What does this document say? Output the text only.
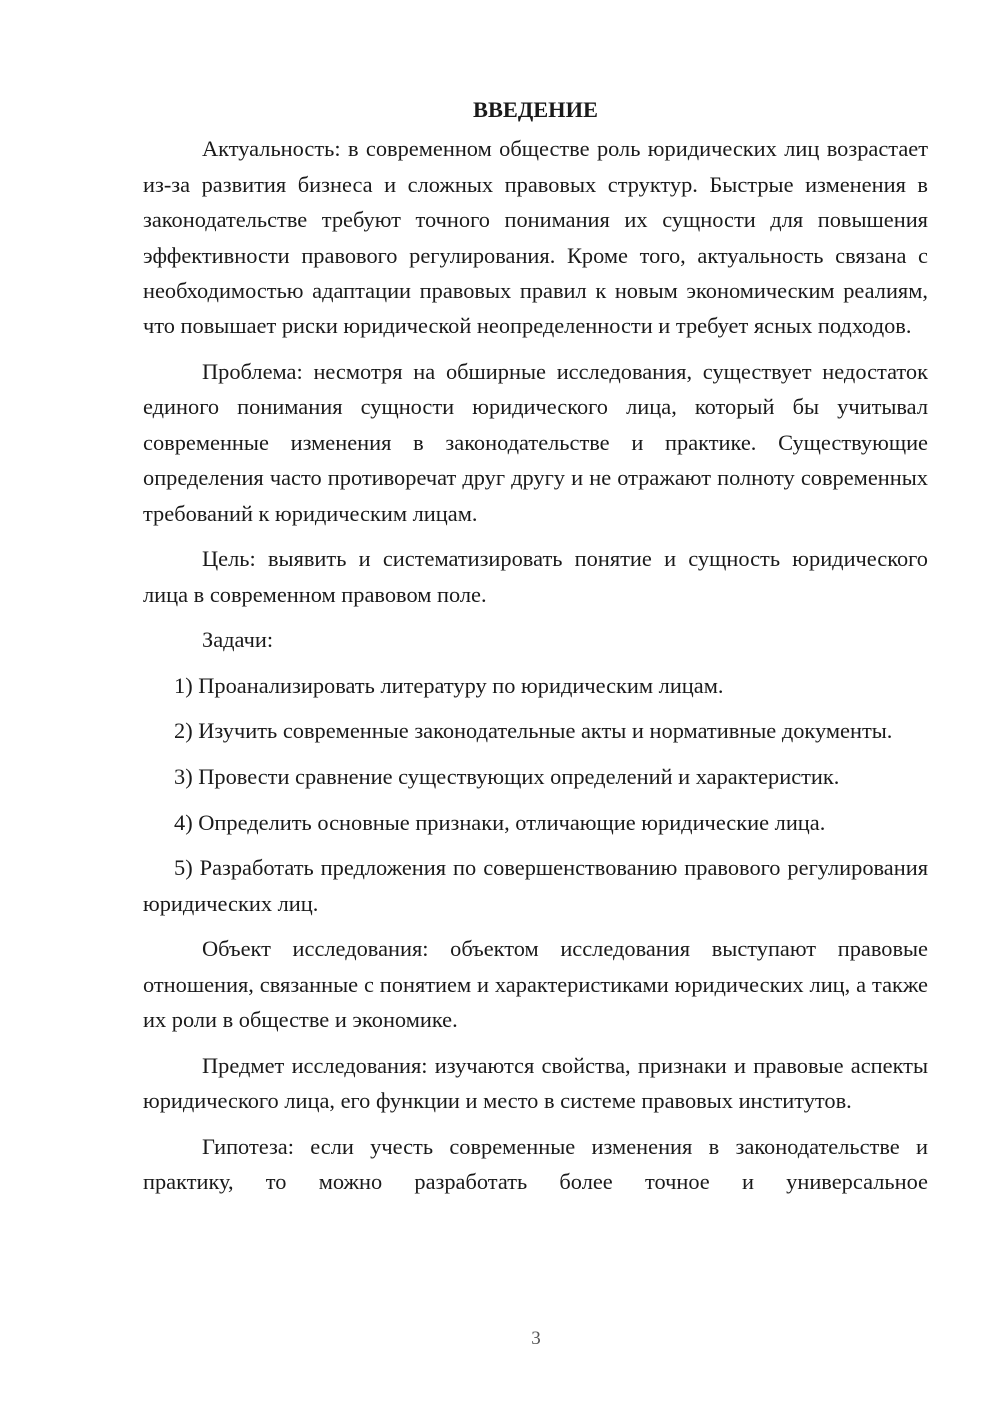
ВВЕДЕНИЕ

Актуальность: в современном обществе роль юридических лиц возрастает из-за развития бизнеса и сложных правовых структур. Быстрые изменения в законодательстве требуют точного понимания их сущности для повышения эффективности правового регулирования. Кроме того, актуальность связана с необходимостью адаптации правовых правил к новым экономическим реалиям, что повышает риски юридической неопределенности и требует ясных подходов.

Проблема: несмотря на обширные исследования, существует недостаток единого понимания сущности юридического лица, который бы учитывал современные изменения в законодательстве и практике. Существующие определения часто противоречат друг другу и не отражают полноту современных требований к юридическим лицам.

Цель: выявить и систематизировать понятие и сущность юридического лица в современном правовом поле.

Задачи:

1) Проанализировать литературу по юридическим лицам.

2) Изучить современные законодательные акты и нормативные документы.

3) Провести сравнение существующих определений и характеристик.

4) Определить основные признаки, отличающие юридические лица.

5) Разработать предложения по совершенствованию правового регулирования юридических лиц.

Объект исследования: объектом исследования выступают правовые отношения, связанные с понятием и характеристиками юридических лиц, а также их роли в обществе и экономике.

Предмет исследования: изучаются свойства, признаки и правовые аспекты юридического лица, его функции и место в системе правовых институтов.

Гипотеза: если учесть современные изменения в законодательстве и практику, то можно разработать более точное и универсальное

3
